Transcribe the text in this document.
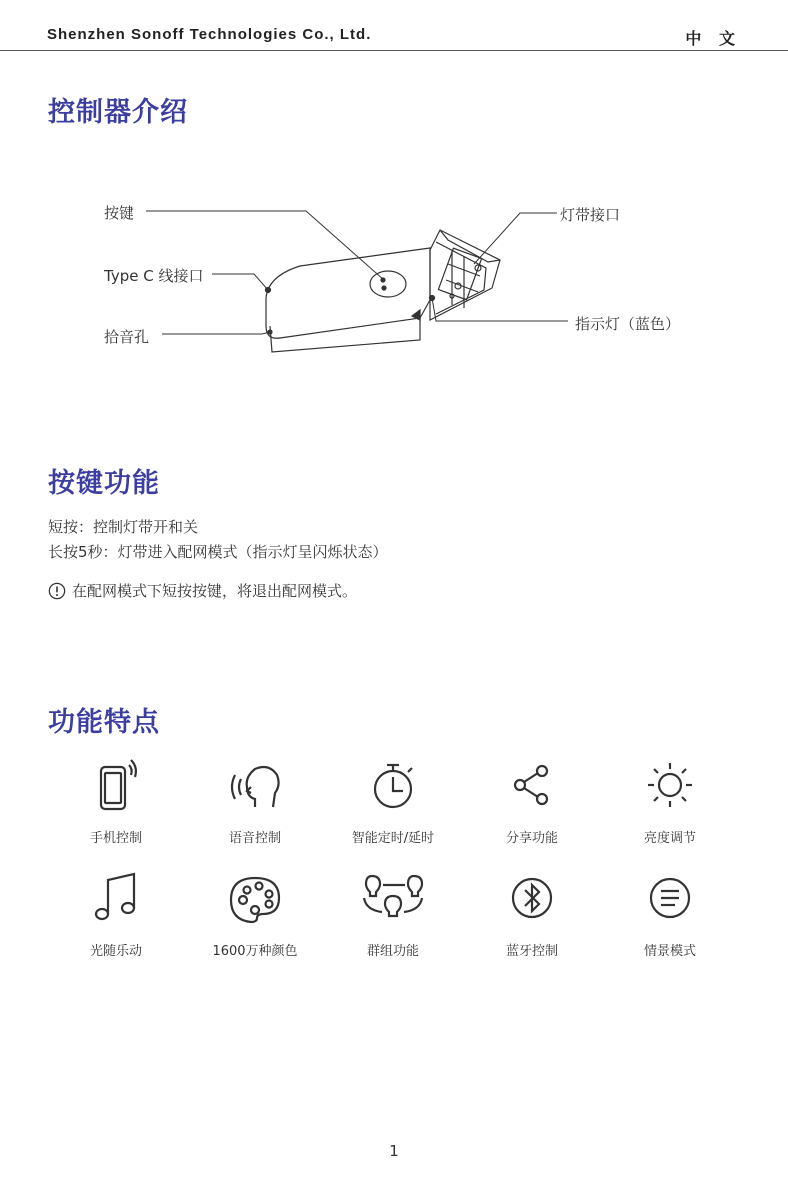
Shenzhen Sonoff Technologies Co., Ltd.	中 文
控制器介绍
按键
Type C 线接口
拾音孔
灯带接口
指示灯（蓝色）
按键功能
短按：控制灯带开和关
长按5秒：灯带进入配网模式（指示灯呈闪烁状态）
在配网模式下短按按键，将退出配网模式。
功能特点
手机控制	语音控制	智能定时/延时	分享功能	亮度调节
光随乐动	1600万种颜色	群组功能	蓝牙控制	情景模式
1
